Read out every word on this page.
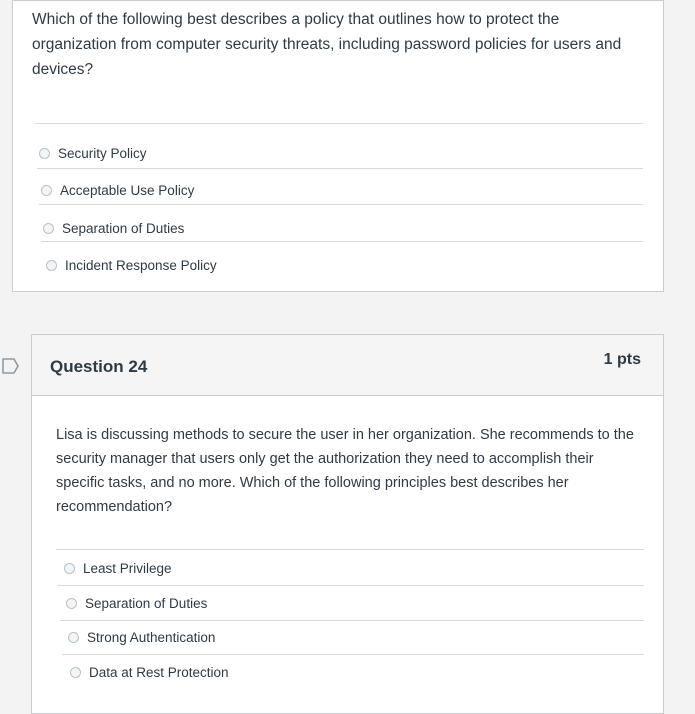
Which of the following best describes a policy that outlines how to protect the organization from computer security threats, including password policies for users and devices?
Security Policy
Acceptable Use Policy
Separation of Duties
Incident Response Policy
Question 24	1 pts
Lisa is discussing methods to secure the user in her organization. She recommends to the security manager that users only get the authorization they need to accomplish their specific tasks, and no more. Which of the following principles best describes her recommendation?
Least Privilege
Separation of Duties
Strong Authentication
Data at Rest Protection
